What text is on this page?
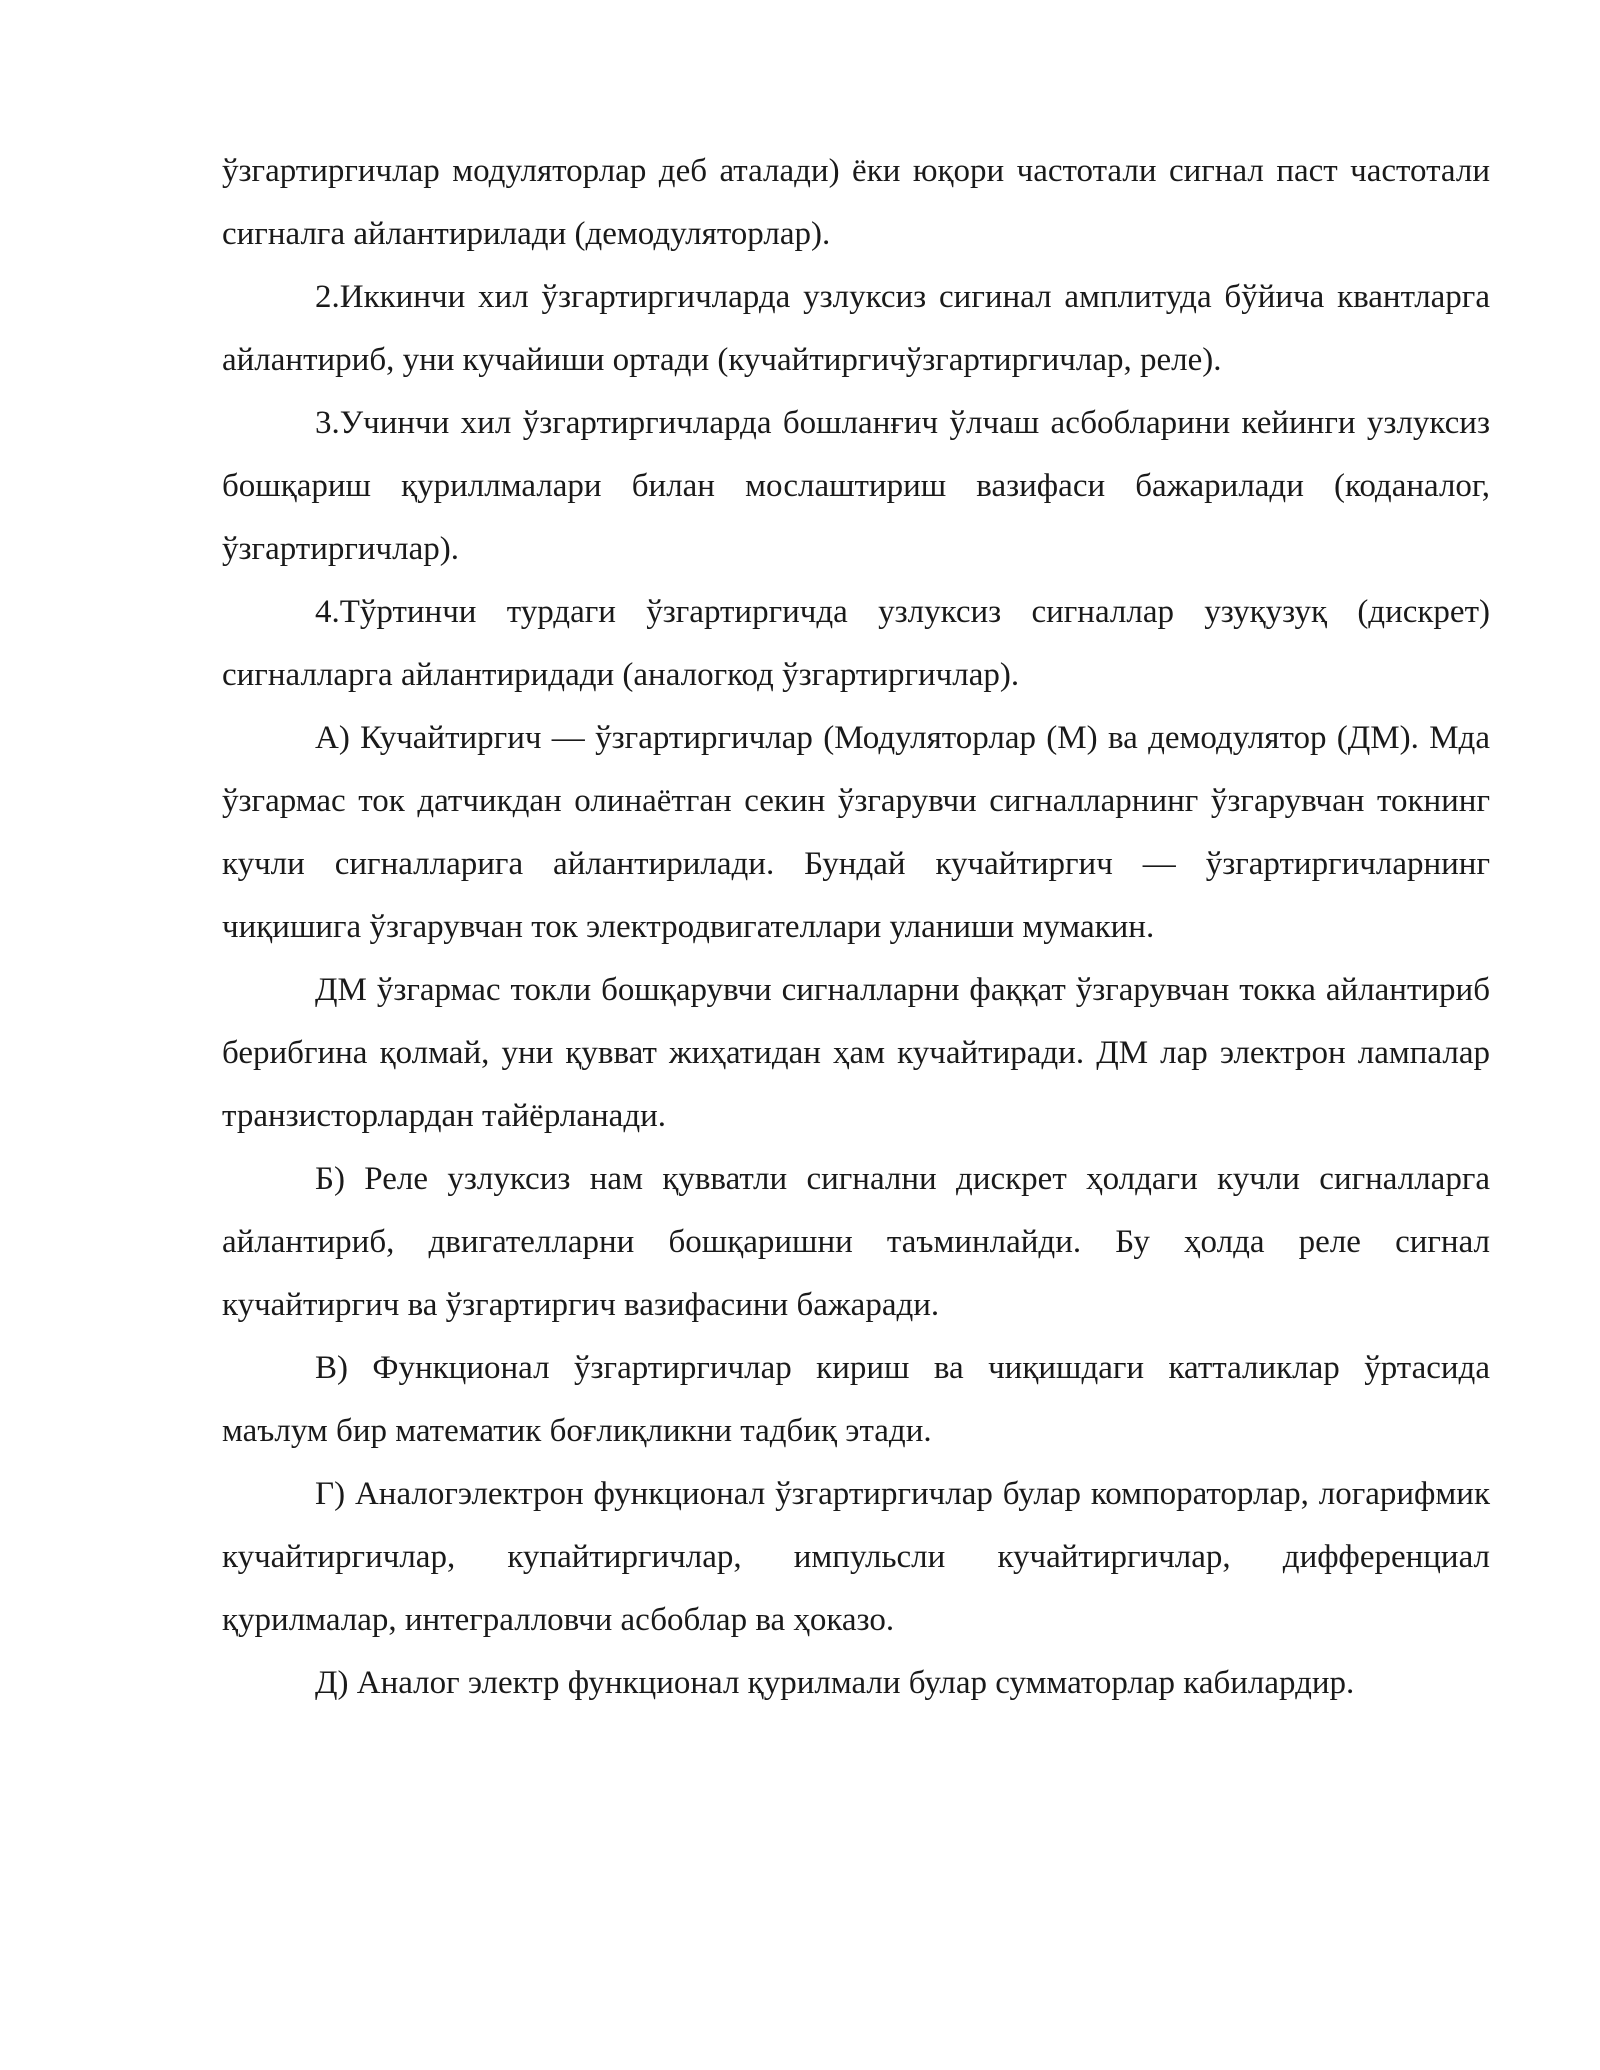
ўзгартиргичлар модуляторлар деб аталади) ёки юқори частотали сигнал паст частотали сигналга айлантирилади (демодуляторлар).

2.Иккинчи хил ўзгартиргичларда узлуксиз сигинал амплитуда бўйича квантларга айлантириб, уни кучайиши ортади (кучайтиргичўзгартиргичлар, реле).

3.Учинчи хил ўзгартиргичларда бошланғич ўлчаш асбобларини кейинги узлуксиз бошқариш қуриллмалари билан мослаштириш вазифаси бажарилади (коданалог, ўзгартиргичлар).

4.Тўртинчи турдаги ўзгартиргичда узлуксиз сигналлар узуқузуқ (дискрет) сигналларга айлантиридади (аналогкод ўзгартиргичлар).

А) Кучайтиргич — ўзгартиргичлар (Модуляторлар (М) ва демодулятор (ДМ). Мда ўзгармас ток датчикдан олинаётган секин ўзгарувчи сигналларнинг ўзгарувчан токнинг кучли сигналларига айлантирилади. Бундай кучайтиргич — ўзгартиргичларнинг чиқишига ўзгарувчан ток электродвигателлари уланиши мумакин.

ДМ ўзгармас токли бошқарувчи сигналларни фаққат ўзгарувчан токка айлантириб берибгина қолмай, уни қувват жиҳатидан ҳам кучайтиради. ДМ лар электрон лампалар транзисторлардан тайёрланади.

Б) Реле узлуксиз нам қувватли сигнални дискрет ҳолдаги кучли сигналларга айлантириб, двигателларни бошқаришни таъминлайди. Бу ҳолда реле сигнал кучайтиргич ва ўзгартиргич вазифасини бажаради.

В) Функционал ўзгартиргичлар кириш ва чиқишдаги катталиклар ўртасида маълум бир математик боғлиқликни тадбиқ этади.

Г) Аналогэлектрон функционал ўзгартиргичлар булар компораторлар, логарифмик кучайтиргичлар, купайтиргичлар, импульсли кучайтиргичлар, дифференциал қурилмалар, интегралловчи асбоблар ва ҳоказо.

Д) Аналог электр функционал қурилмали булар сумматорлар кабилардир.
